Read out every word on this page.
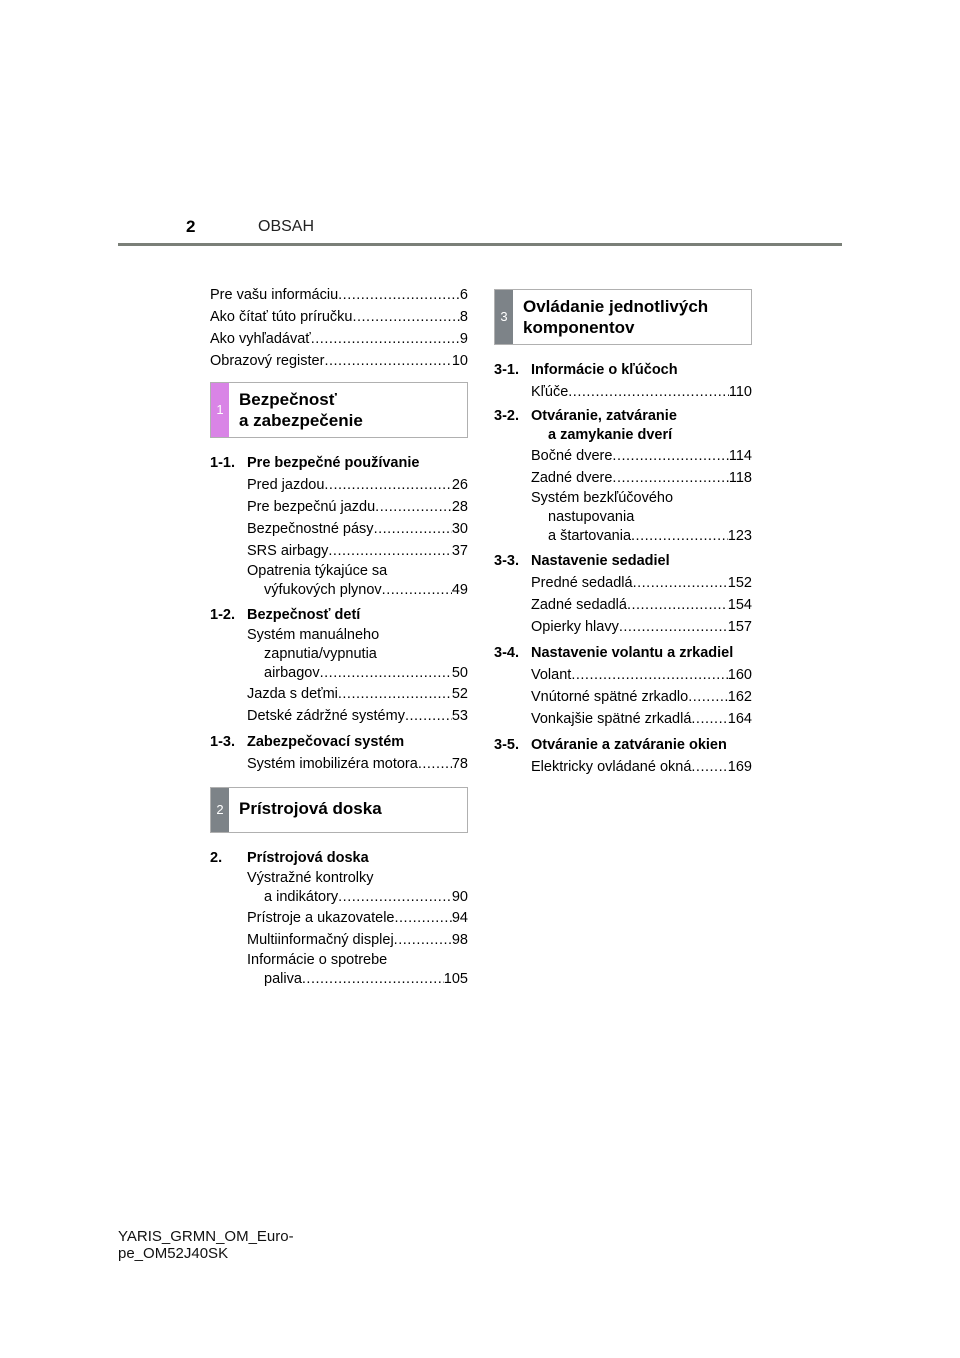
2	OBSAH
Pre vašu informáciu .....	6
Ako čítať túto príručku .....	8
Ako vyhľadávať .....	9
Obrazový register .....	10
1
Bezpečnosť
a zabezpečenie
1-1. Pre bezpečné používanie
Pred jazdou .....	26
Pre bezpečnú jazdu .....	28
Bezpečnostné pásy .....	30
SRS airbagy .....	37
Opatrenia týkajúce sa
výfukových plynov .....	49
1-2. Bezpečnosť detí
Systém manuálneho
zapnutia/vypnutia
airbagov .....	50
Jazda s deťmi .....	52
Detské zádržné systémy .....	53
1-3. Zabezpečovací systém
Systém imobilizéra motora ..... 78
2 Prístrojová doska
2.	Prístrojová doska
Výstražné kontrolky
a indikátory .....	90
Prístroje a ukazovatele .....	94
Multiinformačný displej .....	98
Informácie o spotrebe
paliva .....	105
3
Ovládanie jednotlivých
komponentov
3-1. Informácie o kľúčoch
Kľúče .....	110
3-2. Otváranie, zatváranie
a zamykanie dverí
Bočné dvere .....	114
Zadné dvere .....	118
Systém bezkľúčového
nastupovania
a štartovania .....	123
3-3. Nastavenie sedadiel
Predné sedadlá .....	152
Zadné sedadlá .....	154
Opierky hlavy .....	157
3-4. Nastavenie volantu a zrkadiel
Volant .....	160
Vnútorné spätné zrkadlo .....	162
Vonkajšie spätné zrkadlá .....	164
3-5. Otváranie a zatváranie okien
Elektricky ovládané okná .....	169
YARIS_GRMN_OM_Euro-
pe_OM52J40SK
